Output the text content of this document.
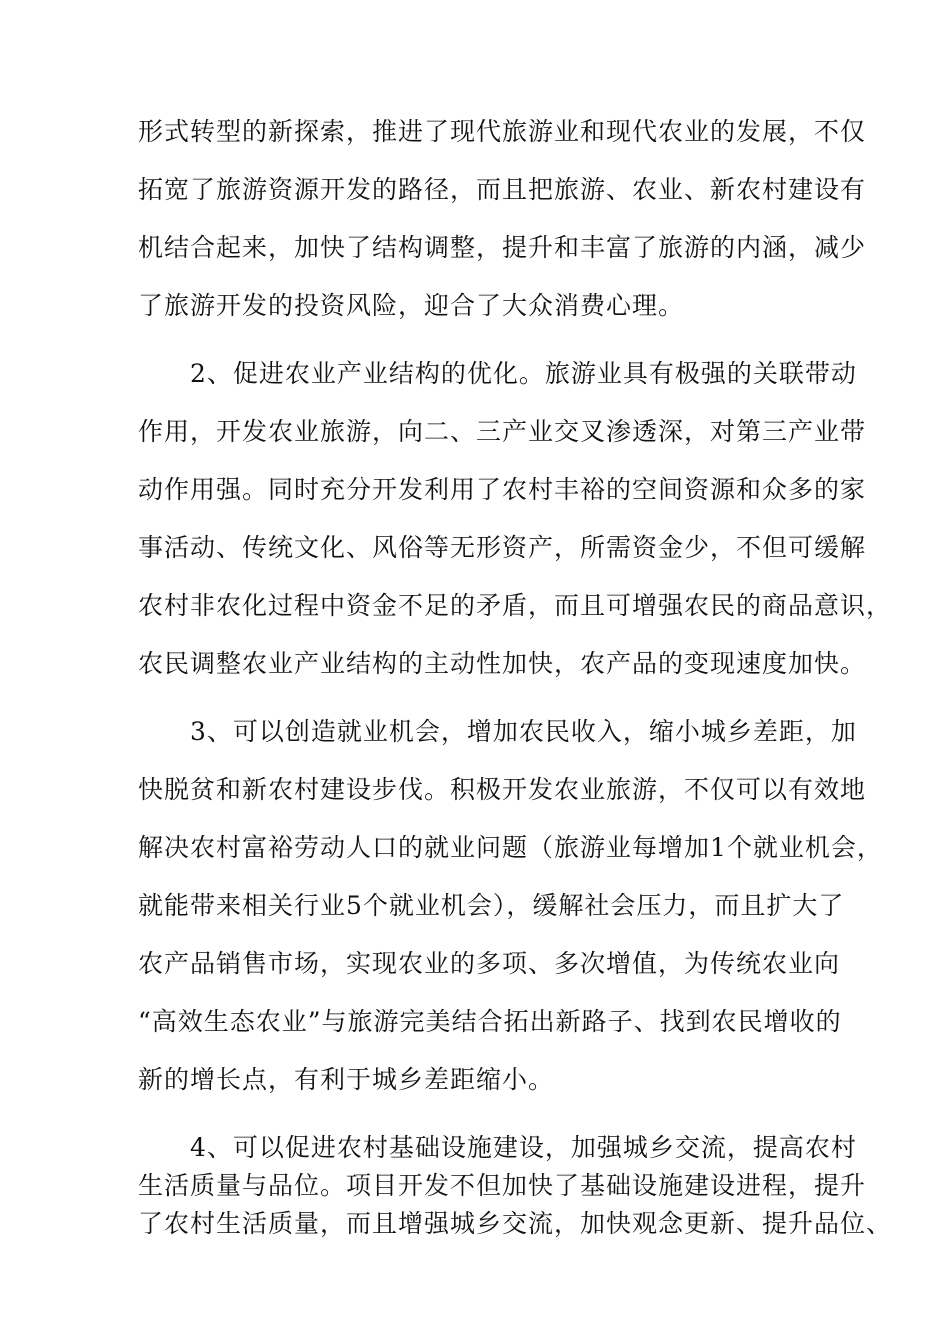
形式转型的新探索，推进了现代旅游业和现代农业的发展，不仅
拓宽了旅游资源开发的路径，而且把旅游、农业、新农村建设有
机结合起来，加快了结构调整，提升和丰富了旅游的内涵，减少
了旅游开发的投资风险，迎合了大众消费心理。
　　2、促进农业产业结构的优化。旅游业具有极强的关联带动
作用，开发农业旅游，向二、三产业交叉渗透深，对第三产业带
动作用强。同时充分开发利用了农村丰裕的空间资源和众多的家
事活动、传统文化、风俗等无形资产，所需资金少，不但可缓解
农村非农化过程中资金不足的矛盾，而且可增强农民的商品意识，
农民调整农业产业结构的主动性加快，农产品的变现速度加快。
　　3、可以创造就业机会，增加农民收入，缩小城乡差距，加
快脱贫和新农村建设步伐。积极开发农业旅游，不仅可以有效地
解决农村富裕劳动人口的就业问题（旅游业每增加1个就业机会，
就能带来相关行业5个就业机会），缓解社会压力，而且扩大了
农产品销售市场，实现农业的多项、多次增值，为传统农业向
“高效生态农业”与旅游完美结合拓出新路子、找到农民增收的
新的增长点，有利于城乡差距缩小。
　　4、可以促进农村基础设施建设，加强城乡交流，提高农村
生活质量与品位。项目开发不但加快了基础设施建设进程，提升
了农村生活质量，而且增强城乡交流，加快观念更新、提升品位、
